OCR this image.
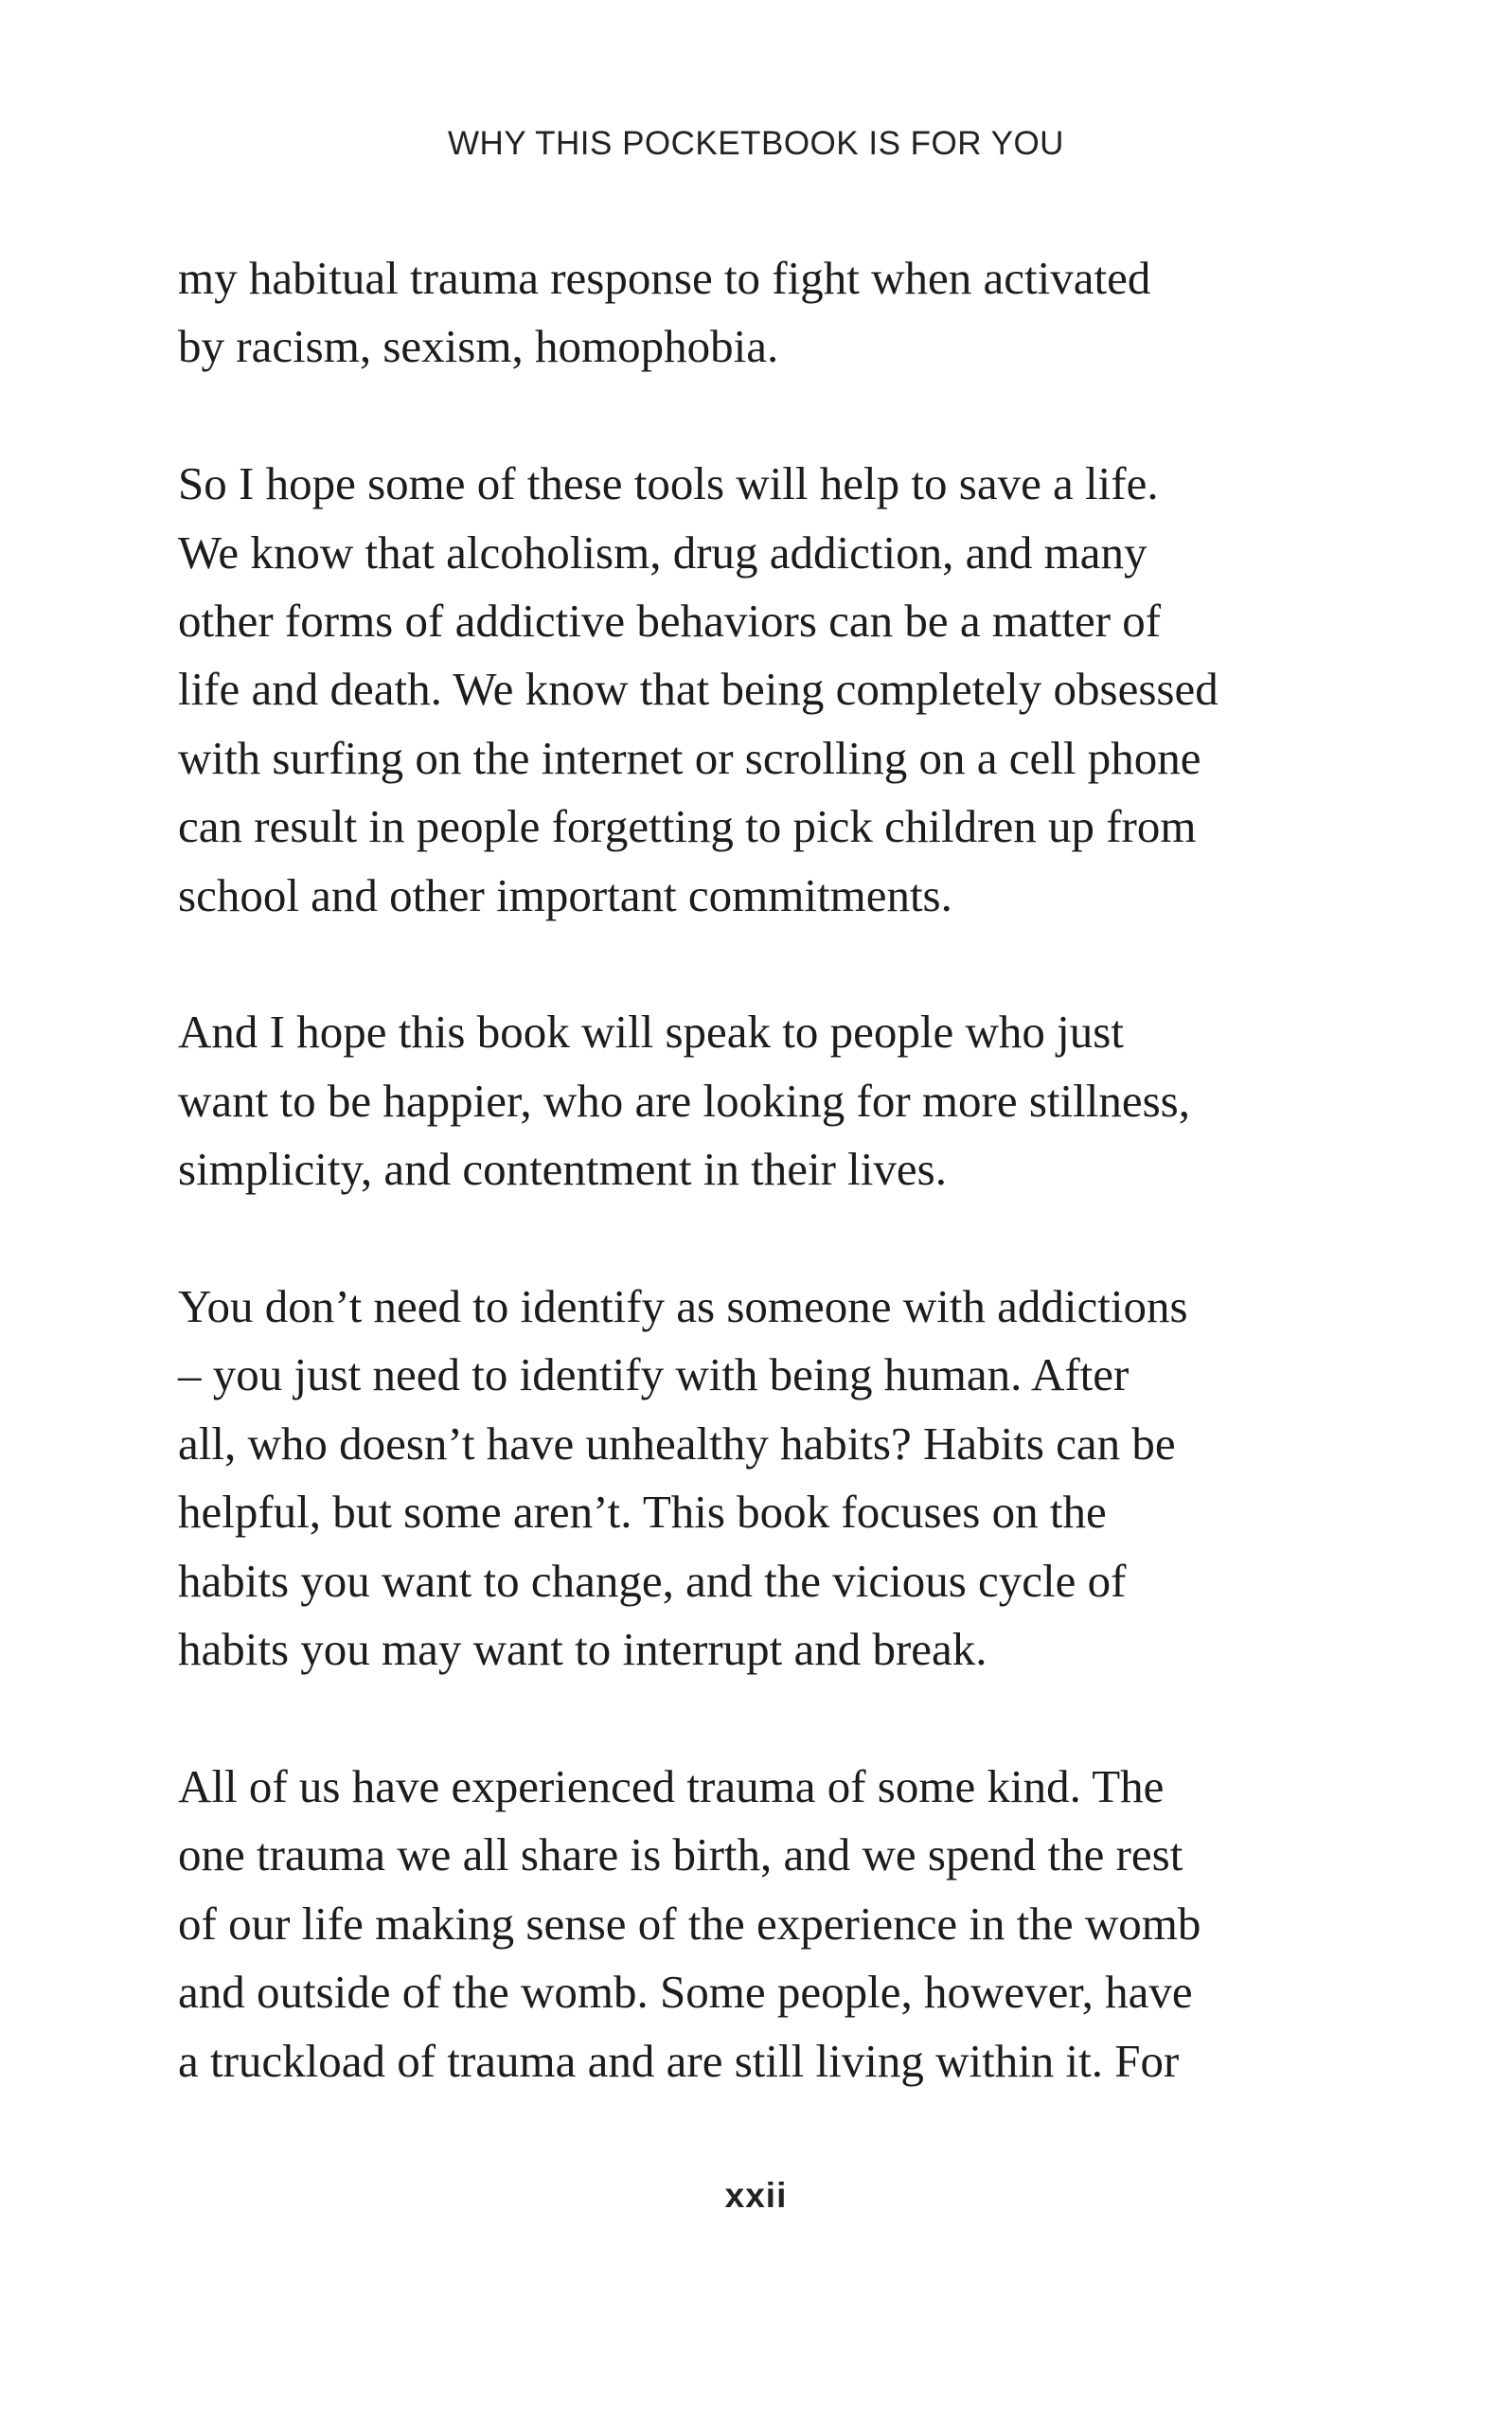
WHY THIS POCKETBOOK IS FOR YOU

my habitual trauma response to fight when activated
by racism, sexism, homophobia.

So I hope some of these tools will help to save a life.
We know that alcoholism, drug addiction, and many
other forms of addictive behaviors can be a matter of
life and death. We know that being completely obsessed
with surfing on the internet or scrolling on a cell phone
can result in people forgetting to pick children up from
school and other important commitments.

And I hope this book will speak to people who just
want to be happier, who are looking for more stillness,
simplicity, and contentment in their lives.

You don’t need to identify as someone with addictions
– you just need to identify with being human. After
all, who doesn’t have unhealthy habits? Habits can be
helpful, but some aren’t. This book focuses on the
habits you want to change, and the vicious cycle of
habits you may want to interrupt and break.

All of us have experienced trauma of some kind. The
one trauma we all share is birth, and we spend the rest
of our life making sense of the experience in the womb
and outside of the womb. Some people, however, have
a truckload of trauma and are still living within it. For

xxii
